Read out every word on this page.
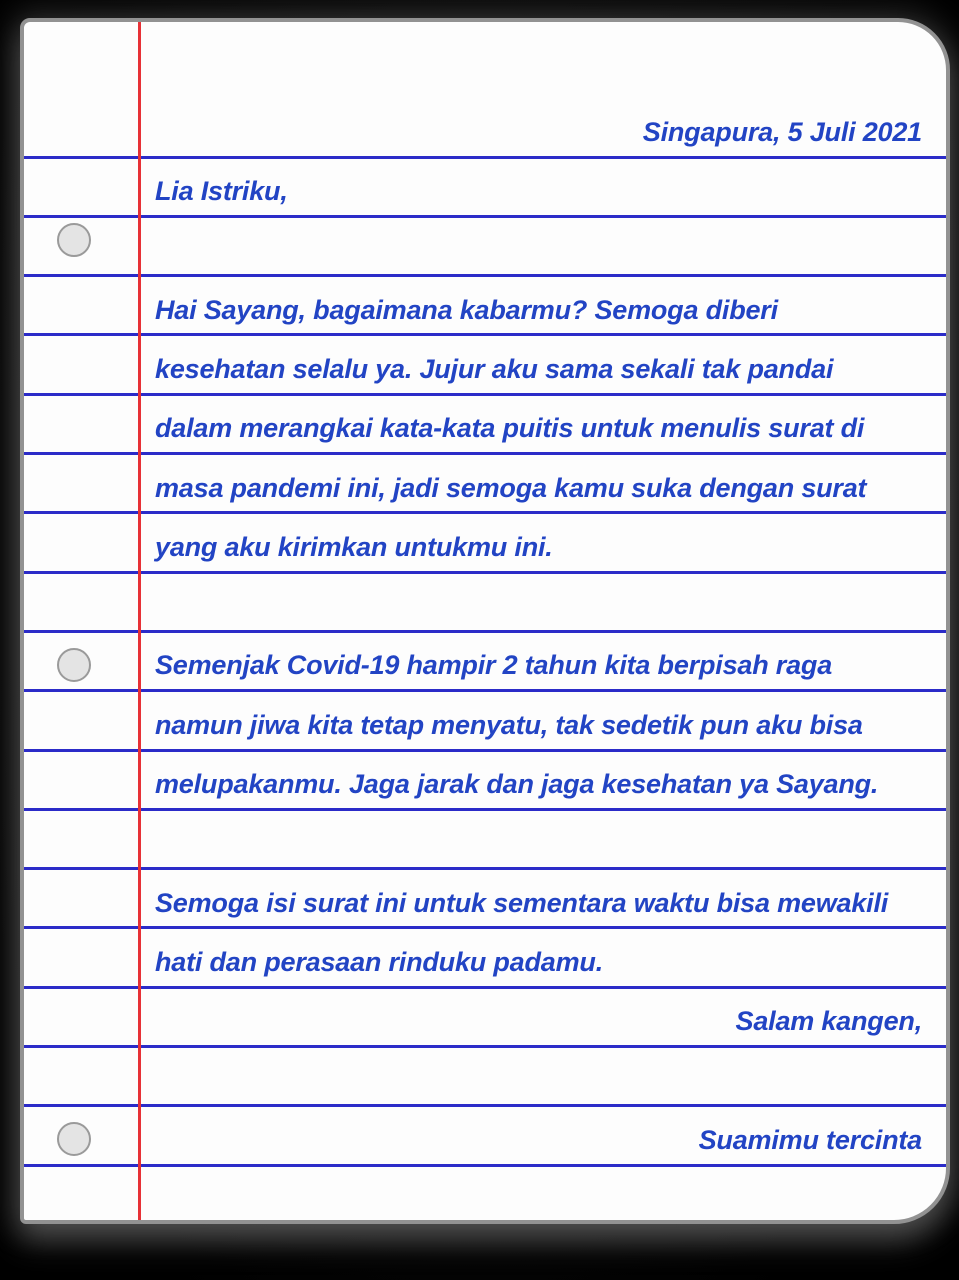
Singapura, 5 Juli 2021
Lia Istriku,
Hai Sayang, bagaimana kabarmu? Semoga diberi
kesehatan selalu ya. Jujur aku sama sekali tak pandai
dalam merangkai kata-kata puitis untuk menulis surat di
masa pandemi ini, jadi semoga kamu suka dengan surat
yang aku kirimkan untukmu ini.
Semenjak Covid-19 hampir 2 tahun kita berpisah raga
namun jiwa kita tetap menyatu, tak sedetik pun aku bisa
melupakanmu. Jaga jarak dan jaga kesehatan ya Sayang.
Semoga isi surat ini untuk sementara waktu bisa mewakili
hati dan perasaan rinduku padamu.
Salam kangen,
Suamimu tercinta
